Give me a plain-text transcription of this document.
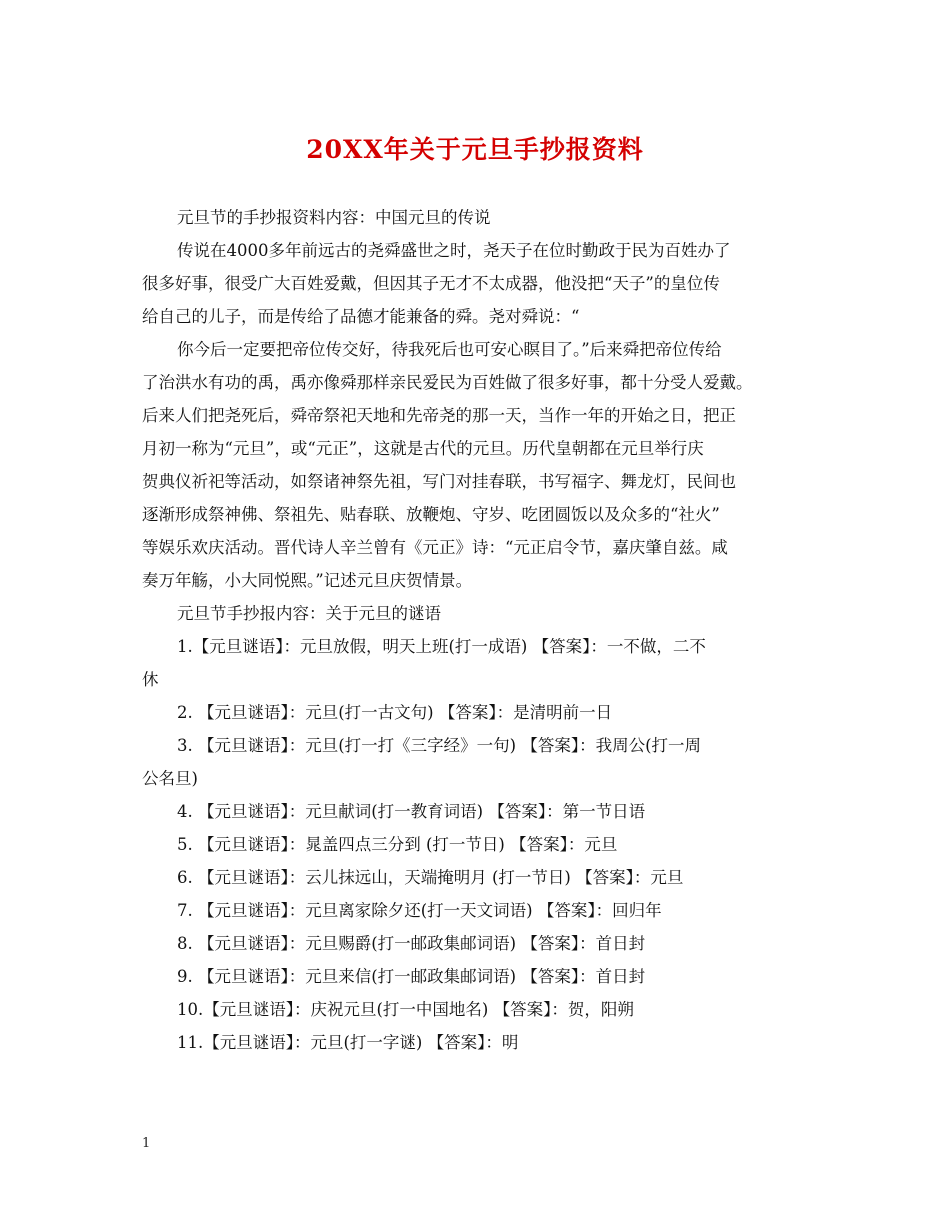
20XX年关于元旦手抄报资料
元旦节的手抄报资料内容：中国元旦的传说
传说在4000多年前远古的尧舜盛世之时，尧天子在位时勤政于民为百姓办了
很多好事，很受广大百姓爱戴，但因其子无才不太成器，他没把“天子”的皇位传
给自己的儿子，而是传给了品德才能兼备的舜。尧对舜说：“
你今后一定要把帝位传交好，待我死后也可安心瞑目了。”后来舜把帝位传给
了治洪水有功的禹，禹亦像舜那样亲民爱民为百姓做了很多好事，都十分受人爱戴。
后来人们把尧死后，舜帝祭祀天地和先帝尧的那一天，当作一年的开始之日，把正
月初一称为“元旦”，或“元正”，这就是古代的元旦。历代皇朝都在元旦举行庆
贺典仪祈祀等活动，如祭诸神祭先祖，写门对挂春联，书写福字、舞龙灯，民间也
逐渐形成祭神佛、祭祖先、贴春联、放鞭炮、守岁、吃团圆饭以及众多的“社火”
等娱乐欢庆活动。晋代诗人辛兰曾有《元正》诗：“元正启令节，嘉庆肇自兹。咸
奏万年觞，小大同悦熙。”记述元旦庆贺情景。
元旦节手抄报内容：关于元旦的谜语
1.【元旦谜语】：元旦放假，明天上班(打一成语) 【答案】：一不做，二不
休
2. 【元旦谜语】：元旦(打一古文句) 【答案】：是清明前一日
3. 【元旦谜语】：元旦(打一打《三字经》一句) 【答案】：我周公(打一周
公名旦)
4. 【元旦谜语】：元旦献词(打一教育词语) 【答案】：第一节日语
5. 【元旦谜语】：晁盖四点三分到 (打一节日) 【答案】：元旦
6. 【元旦谜语】：云儿抹远山，天端掩明月 (打一节日) 【答案】：元旦
7. 【元旦谜语】：元旦离家除夕还(打一天文词语) 【答案】：回归年
8. 【元旦谜语】：元旦赐爵(打一邮政集邮词语) 【答案】：首日封
9. 【元旦谜语】：元旦来信(打一邮政集邮词语) 【答案】：首日封
10.【元旦谜语】：庆祝元旦(打一中国地名) 【答案】：贺，阳朔
11.【元旦谜语】：元旦(打一字谜) 【答案】：明
1
